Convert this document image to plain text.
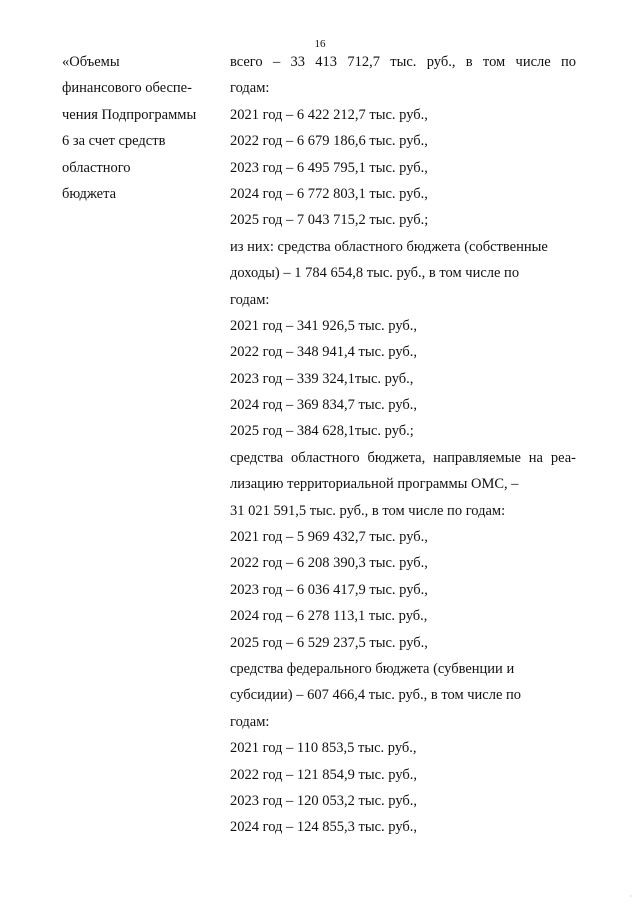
16
«Объемы
финансового обеспе-
чения Подпрограммы
6 за счет средств
областного
бюджета
всего – 33 413 712,7 тыс. руб., в том числе по
годам:
2021 год – 6 422 212,7 тыс. руб.,
2022 год – 6 679 186,6 тыс. руб.,
2023 год – 6 495 795,1 тыс. руб.,
2024 год – 6 772 803,1 тыс. руб.,
2025 год – 7 043 715,2 тыс. руб.;
из них: средства областного бюджета (собственные
доходы) – 1 784 654,8 тыс. руб., в том числе по
годам:
2021 год – 341 926,5 тыс. руб.,
2022 год – 348 941,4 тыс. руб.,
2023 год – 339 324,1тыс. руб.,
2024 год – 369 834,7 тыс. руб.,
2025 год – 384 628,1тыс. руб.;
средства областного бюджета, направляемые на реа-
лизацию территориальной программы ОМС, –
31 021 591,5 тыс. руб., в том числе по годам:
2021 год – 5 969 432,7 тыс. руб.,
2022 год – 6 208 390,3 тыс. руб.,
2023 год – 6 036 417,9 тыс. руб.,
2024 год – 6 278 113,1 тыс. руб.,
2025 год – 6 529 237,5 тыс. руб.,
средства федерального бюджета (субвенции и
субсидии) – 607 466,4 тыс. руб., в том числе по
годам:
2021 год – 110 853,5 тыс. руб.,
2022 год – 121 854,9 тыс. руб.,
2023 год – 120 053,2 тыс. руб.,
2024 год – 124 855,3 тыс. руб.,
·
